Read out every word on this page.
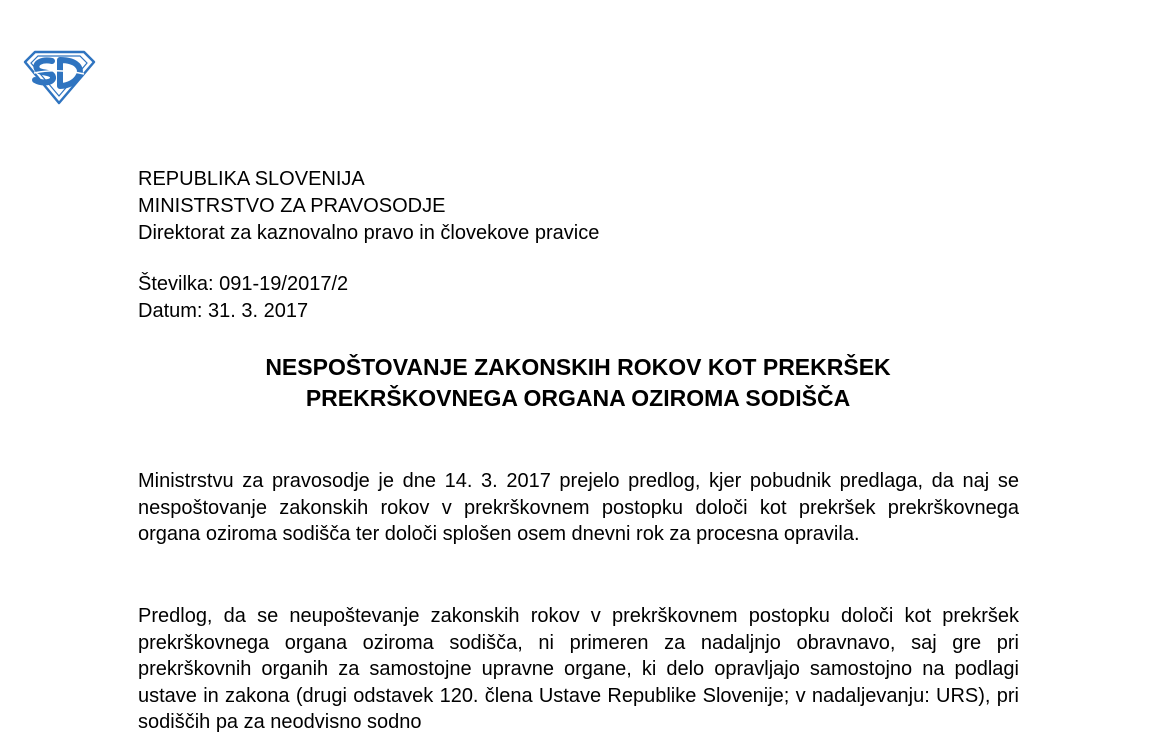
REPUBLIKA SLOVENIJA
MINISTRSTVO ZA PRAVOSODJE
Direktorat za kaznovalno pravo in človekove pravice
Številka: 091-19/2017/2
Datum: 31. 3. 2017
NESPOŠTOVANJE ZAKONSKIH ROKOV KOT PREKRŠEK
PREKRŠKOVNEGA ORGANA OZIROMA SODIŠČA

Ministrstvu za pravosodje je dne 14. 3. 2017 prejelo predlog, kjer pobudnik predlaga, da naj se nespoštovanje zakonskih rokov v prekrškovnem postopku določi kot prekršek prekrškovnega organa oziroma sodišča ter določi splošen osem dnevni rok za procesna opravila.

Predlog, da se neupoštevanje zakonskih rokov v prekrškovnem postopku določi kot prekršek prekrškovnega organa oziroma sodišča, ni primeren za nadaljnjo obravnavo, saj gre pri prekrškovnih organih za samostojne upravne organe, ki delo opravljajo samostojno na podlagi ustave in zakona (drugi odstavek 120. člena Ustave Republike Slovenije; v nadaljevanju: URS), pri sodiščih pa za neodvisno sodno
